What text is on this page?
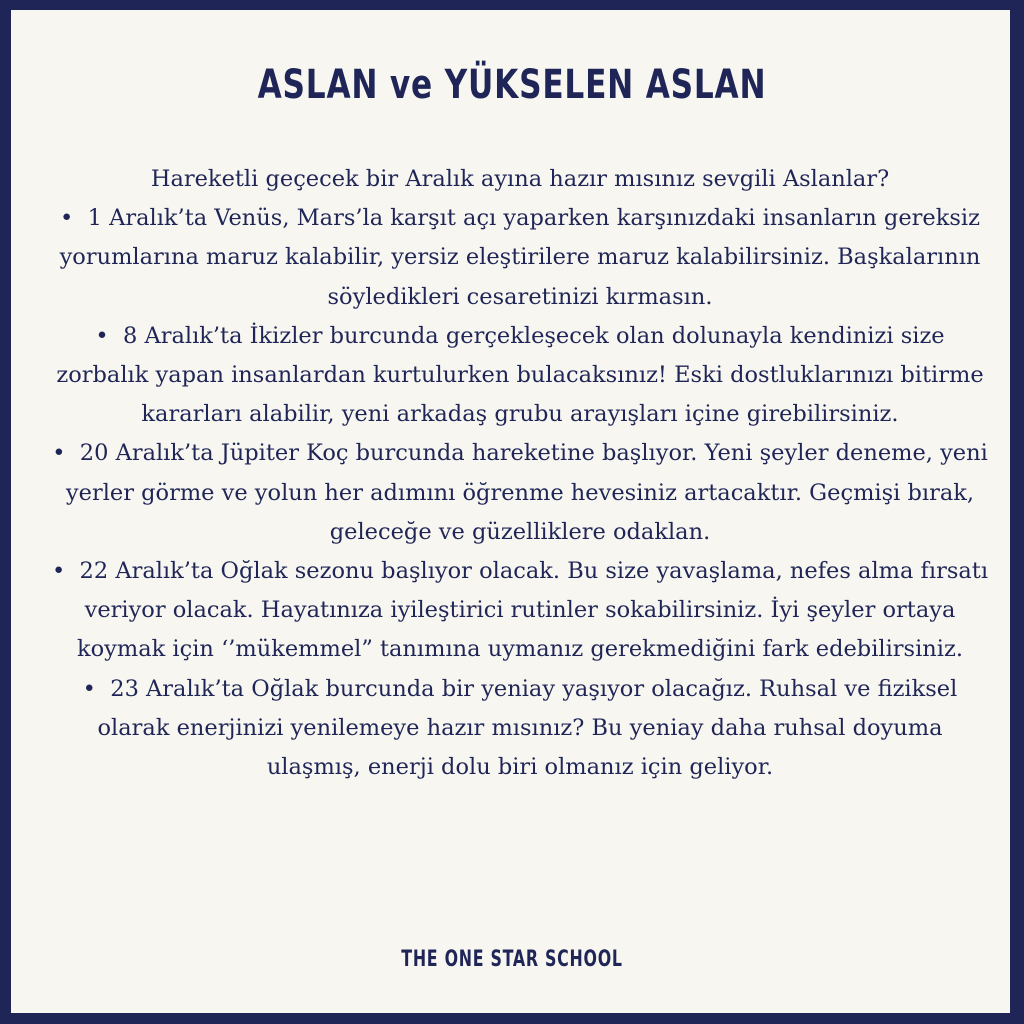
ASLAN ve YÜKSELEN ASLAN

Hareketli geçecek bir Aralık ayına hazır mısınız sevgili Aslanlar?

• 1 Aralık’ta Venüs, Mars’la karşıt açı yaparken karşınızdaki insanların gereksiz yorumlarına maruz kalabilir, yersiz eleştirilere maruz kalabilirsiniz. Başkalarının söyledikleri cesaretinizi kırmasın.
• 8 Aralık’ta İkizler burcunda gerçekleşecek olan dolunayla kendinizi size zorbalık yapan insanlardan kurtulurken bulacaksınız! Eski dostluklarınızı bitirme kararları alabilir, yeni arkadaş grubu arayışları içine girebilirsiniz.
• 20 Aralık’ta Jüpiter Koç burcunda hareketine başlıyor. Yeni şeyler deneme, yeni yerler görme ve yolun her adımını öğrenme hevesiniz artacaktır. Geçmişi bırak, geleceğe ve güzelliklere odaklan.
• 22 Aralık’ta Oğlak sezonu başlıyor olacak. Bu size yavaşlama, nefes alma fırsatı veriyor olacak. Hayatınıza iyileştirici rutinler sokabilirsiniz. İyi şeyler ortaya koymak için ‘’mükemmel” tanımına uymanız gerekmediğini fark edebilirsiniz.
• 23 Aralık’ta Oğlak burcunda bir yeniay yaşıyor olacağız. Ruhsal ve fiziksel olarak enerjinizi yenilemeye hazır mısınız? Bu yeniay daha ruhsal doyuma ulaşmış, enerji dolu biri olmanız için geliyor.
THE ONE STAR SCHOOL
